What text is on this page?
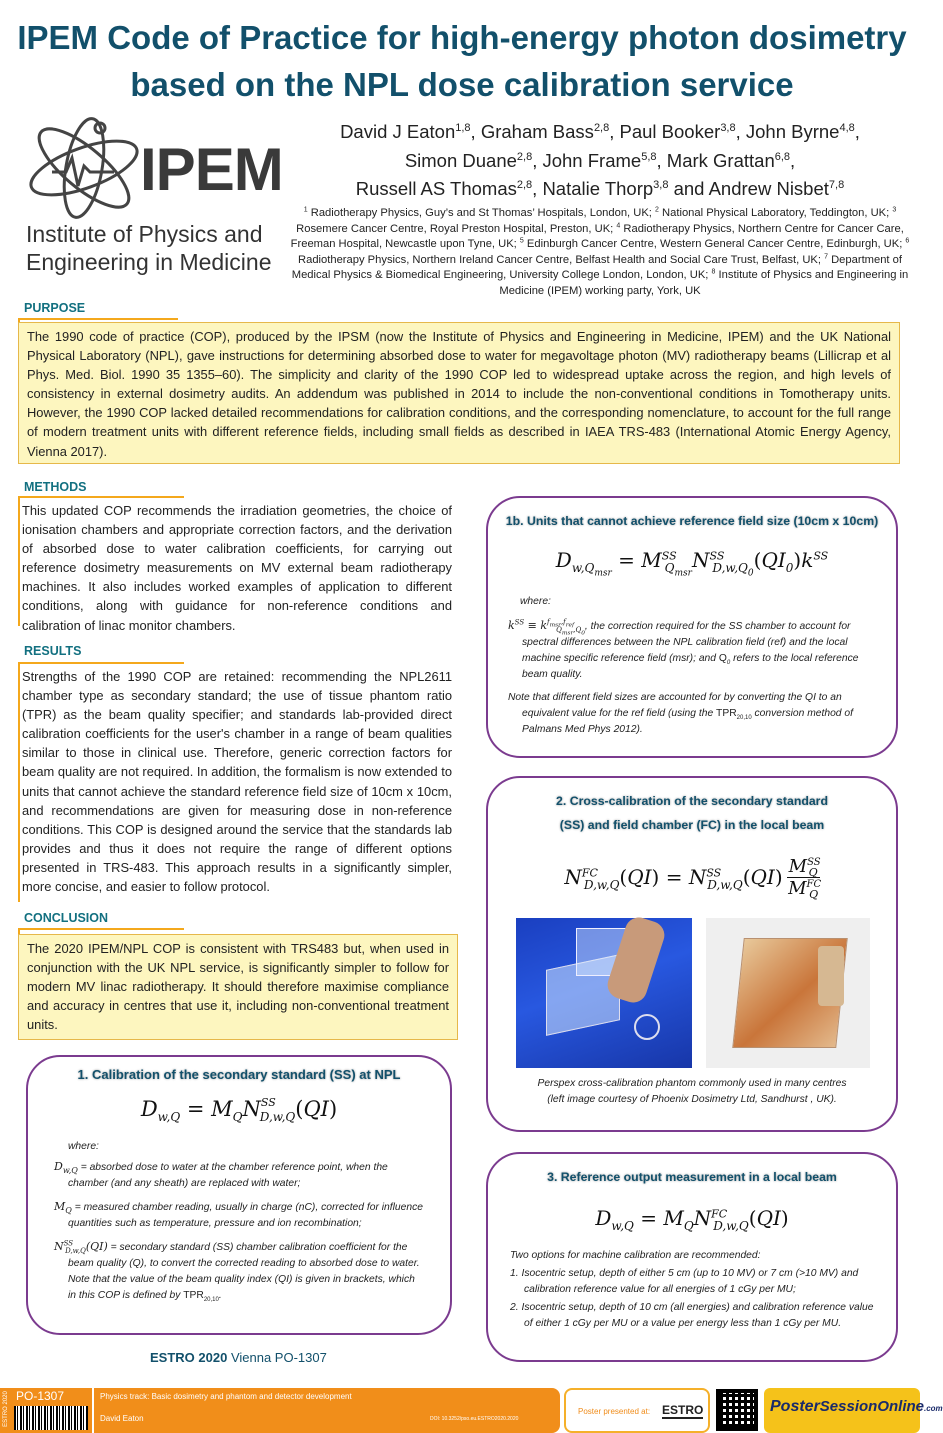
IPEM Code of Practice for high-energy photon dosimetry
based on the NPL dose calibration service
IPEM
Institute of Physics and
Engineering in Medicine
David J Eaton$^{1,8}$, Graham Bass$^{2,8}$, Paul Booker$^{3,8}$, John Byrne$^{4,8}$,
Simon Duane$^{2,8}$, John Frame$^{5,8}$, Mark Grattan$^{6,8}$,
Russell AS Thomas$^{2,8}$, Natalie Thorp$^{3,8}$ and Andrew Nisbet$^{7,8}$
$^1$ Radiotherapy Physics, Guy’s and St Thomas’ Hospitals, London, UK; $^2$ National Physical Laboratory, Teddington, UK; $^3$ Rosemere Cancer Centre, Royal Preston Hospital, Preston, UK; $^4$ Radiotherapy Physics, Northern Centre for Cancer Care, Freeman Hospital, Newcastle upon Tyne, UK; $^5$ Edinburgh Cancer Centre, Western General Cancer Centre, Edinburgh, UK; $^6$ Radiotherapy Physics, Northern Ireland Cancer Centre, Belfast Health and Social Care Trust, Belfast, UK; $^7$ Department of Medical Physics & Biomedical Engineering, University College London, London, UK; $^8$ Institute of Physics and Engineering in Medicine (IPEM) working party, York, UK
PURPOSE
The 1990 code of practice (COP), produced by the IPSM (now the Institute of Physics and Engineering in Medicine, IPEM) and the UK National Physical Laboratory (NPL), gave instructions for determining absorbed dose to water for megavoltage photon (MV) radiotherapy beams (Lillicrap et al Phys. Med. Biol. 1990 35 1355–60). The simplicity and clarity of the 1990 COP led to widespread uptake across the region, and high levels of consistency in external dosimetry audits. An addendum was published in 2014 to include the non-conventional conditions in Tomotherapy units. However, the 1990 COP lacked detailed recommendations for calibration conditions, and the corresponding nomenclature, to account for the full range of modern treatment units with different reference fields, including small fields as described in IAEA TRS-483 (International Atomic Energy Agency, Vienna 2017).
METHODS
This updated COP recommends the irradiation geometries, the choice of ionisation chambers and appropriate correction factors, and the derivation of absorbed dose to water calibration coefficients, for carrying out reference dosimetry measurements on MV external beam radiotherapy machines. It also includes worked examples of application to different conditions, along with guidance for non-reference conditions and calibration of linac monitor chambers.
RESULTS
Strengths of the 1990 COP are retained: recommending the NPL2611 chamber type as secondary standard; the use of tissue phantom ratio (TPR) as the beam quality specifier; and standards lab-provided direct calibration coefficients for the user's chamber in a range of beam qualities similar to those in clinical use. Therefore, generic correction factors for beam quality are not required. In addition, the formalism is now extended to units that cannot achieve the standard reference field size of 10cm x 10cm, and recommendations are given for measuring dose in non-reference conditions. This COP is designed around the service that the standards lab provides and thus it does not require the range of different options presented in TRS-483. This approach results in a significantly simpler, more concise, and easier to follow protocol.
CONCLUSION
The 2020 IPEM/NPL COP is consistent with TRS483 but, when used in conjunction with the UK NPL service, is significantly simpler to follow for modern MV linac radiotherapy. It should therefore maximise compliance and accuracy in centres that use it, including non-conventional treatment units.
1. Calibration of the secondary standard (SS) at NPL
$D_{w,Q} = M_QN^{SS}_{D,w,Q}(QI)$
where:
$D_{w,Q}$ = absorbed dose to water at the chamber reference point, when the chamber (and any sheath) are replaced with water;
$M_Q$ = measured chamber reading, usually in charge (nC), corrected for influence quantities such as temperature, pressure and ion recombination;
$N^{SS}_{D,w,Q}(QI)$ = secondary standard (SS) chamber calibration coefficient for the beam quality (Q), to convert the corrected reading to absorbed dose to water. Note that the value of the beam quality index (QI) is given in brackets, which in this COP is defined by $TPR_{20,10}$.
ESTRO 2020 Vienna PO-1307
1b. Units that cannot achieve reference field size (10cm x 10cm)
$D_{w,Q_{msr}} = M^{SS}_{Q_{msr}}N^{SS}_{D,w,Q_0}(QI_0)k^{SS}$
where:
$k^{SS} \equiv k^{f_{msr},f_{ref}}_{Q_{msr},Q_0}$, the correction required for the SS chamber to account for spectral differences between the NPL calibration field (ref) and the local machine specific reference field (msr); and $Q_0$ refers to the local reference beam quality.
Note that different field sizes are accounted for by converting the QI to an equivalent value for the ref field (using the $TPR_{20,10}$ conversion method of Palmans Med Phys 2012).
2. Cross-calibration of the secondary standard
(SS) and field chamber (FC) in the local beam
$N^{FC}_{D,w,Q}(QI) = N^{SS}_{D,w,Q}(QI)$ $M^{SS}_Q$
$M^{FC}_Q$
Perspex cross-calibration phantom commonly used in many centres
(left image courtesy of Phoenix Dosimetry Ltd, Sandhurst , UK).
3. Reference output measurement in a local beam
$D_{w,Q} = M_QN^{FC}_{D,w,Q}(QI)$
Two options for machine calibration are recommended:
1. Isocentric setup, depth of either 5 cm (up to 10 MV) or 7 cm (>10 MV) and calibration reference value for all energies of 1 cGy per MU;
2. Isocentric setup, depth of 10 cm (all energies) and calibration reference value of either 1 cGy per MU or a value per energy less than 1 cGy per MU.
ESTRO 2020 PO-1307	Physics track: Basic dosimetry and phantom and detector development
David Eaton	DOI: 10.3252/pso.eu.ESTRO2020.2020
Poster presented at: ESTRO	PosterSessionOnline.com
